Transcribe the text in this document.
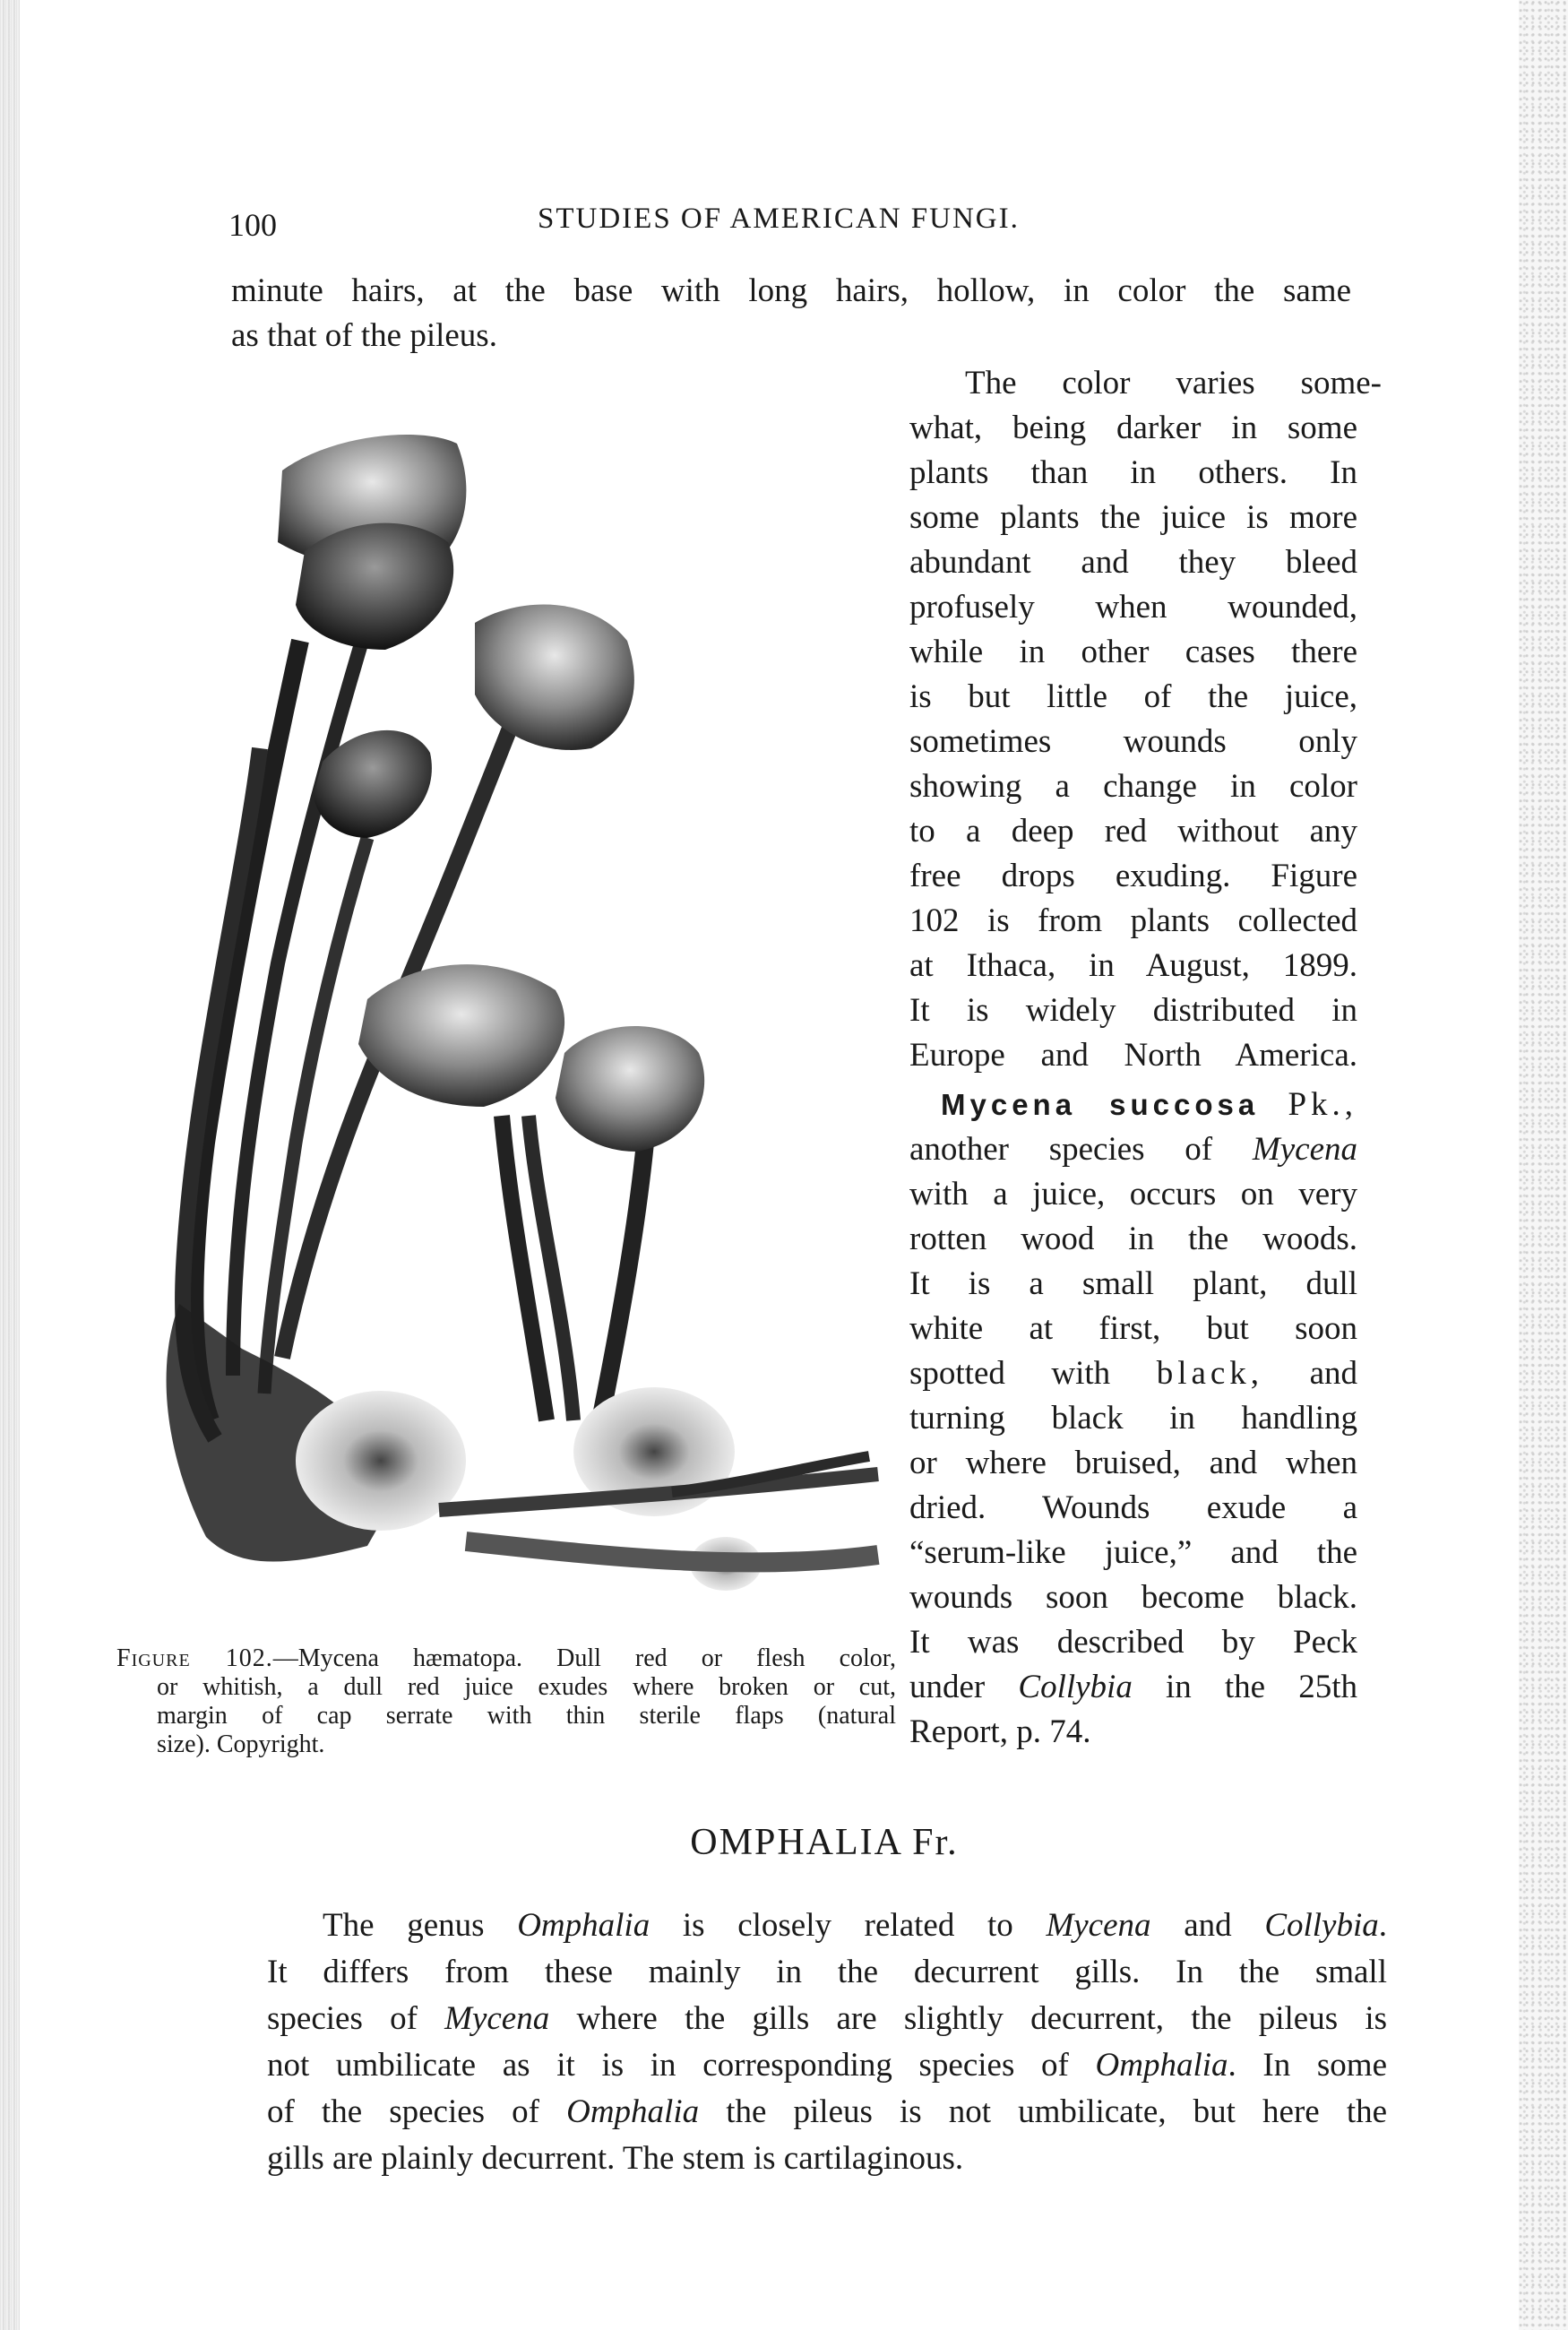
100	STUDIES OF AMERICAN FUNGI.
minute hairs, at the base with long hairs, hollow, in color the same
as that of the pileus.
The color varies some-
what, being darker in some
plants than in others. In
some plants the juice is more
abundant and they bleed
profusely when wounded,
while in other cases there
is but little of the juice,
sometimes wounds only
showing a change in color
to a deep red without any
free drops exuding. Figure
102 is from plants collected
at Ithaca, in August, 1899.
It is widely distributed in
Europe and North America.
Mycena succosa Pk.,
another species of Mycena
with a juice, occurs on very
rotten wood in the woods.
It is a small plant, dull
white at first, but soon
spotted with black, and
turning black in handling
or where bruised, and when
dried. Wounds exude a
“serum-like juice,” and the
wounds soon become black.
It was described by Peck
under Collybia in the 25th
Report, p. 74.
Figure 102.—Mycena hæmatopa. Dull red or flesh color,
or whitish, a dull red juice exudes where broken or cut,
margin of cap serrate with thin sterile flaps (natural
size). Copyright.
OMPHALIA Fr.
The genus Omphalia is closely related to Mycena and Collybia.
It differs from these mainly in the decurrent gills. In the small
species of Mycena where the gills are slightly decurrent, the pileus is
not umbilicate as it is in corresponding species of Omphalia. In some
of the species of Omphalia the pileus is not umbilicate, but here the
gills are plainly decurrent. The stem is cartilaginous.
